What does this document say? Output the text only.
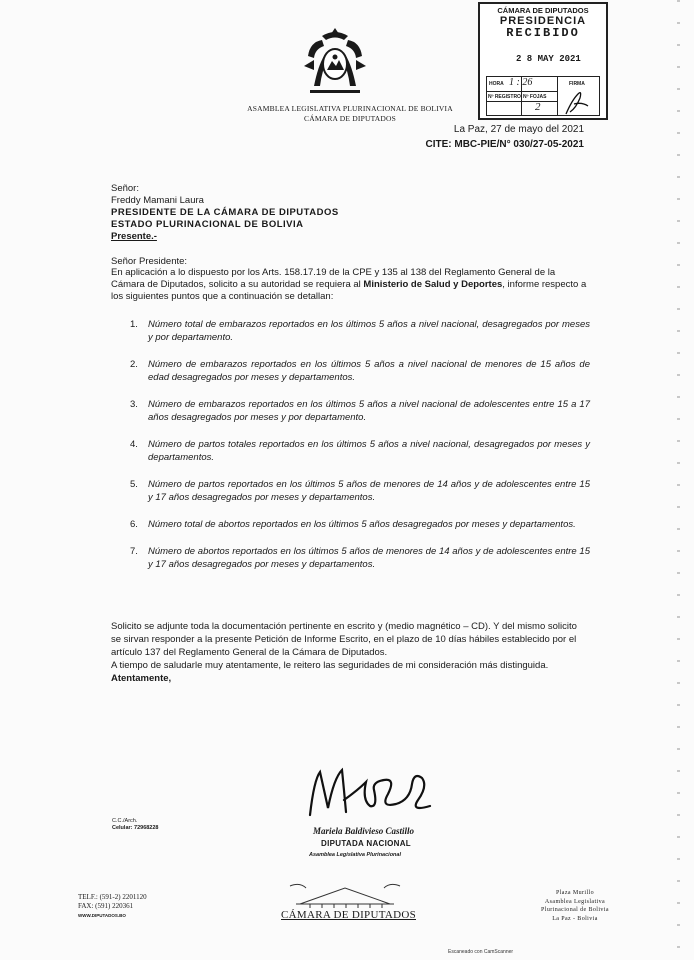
ASAMBLEA LEGISLATIVA PLURINACIONAL DE BOLIVIA
CÁMARA DE DIPUTADOS
CÁMARA DE DIPUTADOS
PRESIDENCIA
RECIBIDO
2 8 MAY 2021
HORA 1 : 26	FIRMA
Nº REGISTRO Nº FOJAS
2
La Paz, 27 de mayo del 2021
CITE: MBC-PIE/N° 030/27-05-2021
Señor:
Freddy Mamani Laura
PRESIDENTE DE LA CÁMARA DE DIPUTADOS
ESTADO PLURINACIONAL DE BOLIVIA
Presente.-
Señor Presidente:
En aplicación a lo dispuesto por los Arts. 158.17.19 de la CPE y 135 al 138 del Reglamento General de la Cámara de Diputados, solicito a su autoridad se requiera al Ministerio de Salud y Deportes, informe respecto a los siguientes puntos que a continuación se detallan:
1. Número total de embarazos reportados en los últimos 5 años a nivel nacional, desagregados por meses y por departamento.
2. Número de embarazos reportados en los últimos 5 años a nivel nacional de menores de 15 años de edad desagregados por meses y departamentos.
3. Número de embarazos reportados en los últimos 5 años a nivel nacional de adolescentes entre 15 a 17 años desagregados por meses y por departamento.
4. Número de partos totales reportados en los últimos 5 años a nivel nacional, desagregados por meses y departamentos.
5. Número de partos reportados en los últimos 5 años de menores de 14 años y de adolescentes entre 15 y 17 años desagregados por meses y departamentos.
6. Número total de abortos reportados en los últimos 5 años desagregados por meses y departamentos.
7. Número de abortos reportados en los últimos 5 años de menores de 14 años y de adolescentes entre 15 y 17 años desagregados por meses y departamentos.
Solicito se adjunte toda la documentación pertinente en escrito y (medio magnético – CD). Y del mismo solicito se sirvan responder a la presente Petición de Informe Escrito, en el plazo de 10 días hábiles establecido por el artículo 137 del Reglamento General de la Cámara de Diputados.
A tiempo de saludarle muy atentamente, le reitero las seguridades de mi consideración más distinguida.
Atentamente,
Mariela Baldivieso Castillo
DIPUTADA NACIONAL
Asamblea Legislativa Plurinacional
C.C./Arch.
Celular: 72968228
TELF.: (591-2) 2201120
FAX: (591) 220361
WWW.DIPUTADOS.BO	CÁMARA DE DIPUTADOS
Plaza Murillo
Asamblea Legislativa
Plurinacional de Bolivia
La Paz - Bolivia
Escaneado con CamScanner
